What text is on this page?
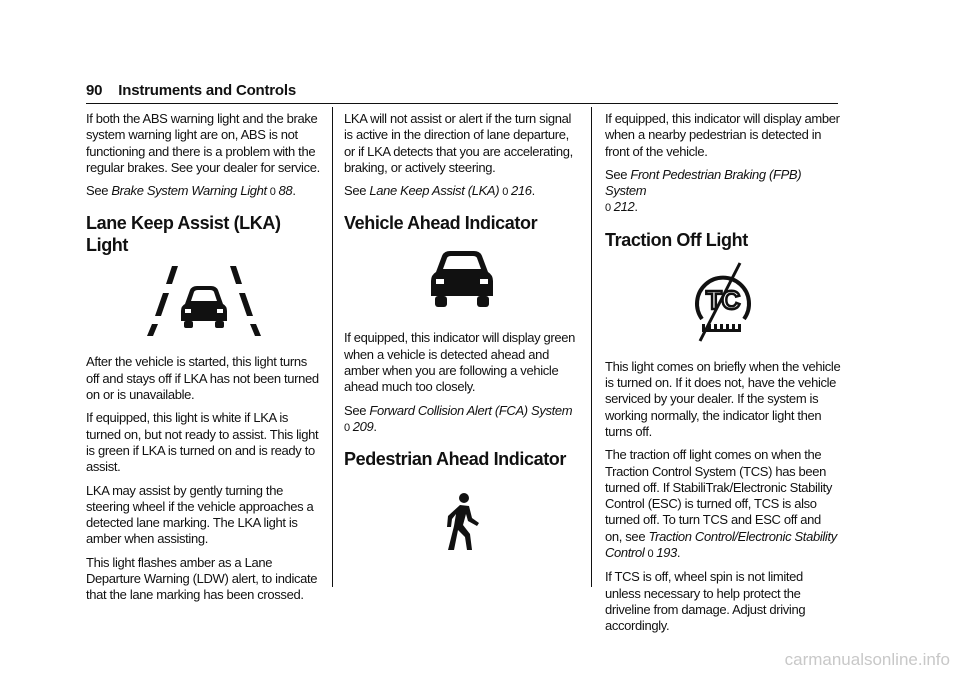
90 Instruments and Controls

If both the ABS warning light and the brake system warning light are on, ABS is not functioning and there is a problem with the regular brakes. See your dealer for service.

See Brake System Warning Light 0 88.

Lane Keep Assist (LKA) Light

After the vehicle is started, this light turns off and stays off if LKA has not been turned on or is unavailable.

If equipped, this light is white if LKA is turned on, but not ready to assist. This light is green if LKA is turned on and is ready to assist.

LKA may assist by gently turning the steering wheel if the vehicle approaches a detected lane marking. The LKA light is amber when assisting.

This light flashes amber as a Lane Departure Warning (LDW) alert, to indicate that the lane marking has been crossed.

LKA will not assist or alert if the turn signal is active in the direction of lane departure, or if LKA detects that you are accelerating, braking, or actively steering.

See Lane Keep Assist (LKA) 0 216.

Vehicle Ahead Indicator

If equipped, this indicator will display green when a vehicle is detected ahead and amber when you are following a vehicle ahead much too closely.

See Forward Collision Alert (FCA) System
0 209.

Pedestrian Ahead Indicator

If equipped, this indicator will display amber when a nearby pedestrian is detected in front of the vehicle.

See Front Pedestrian Braking (FPB) System
0 212.

Traction Off Light
TC

This light comes on briefly when the vehicle is turned on. If it does not, have the vehicle serviced by your dealer. If the system is working normally, the indicator light then turns off.

The traction off light comes on when the Traction Control System (TCS) has been turned off. If StabiliTrak/Electronic Stability Control (ESC) is turned off, TCS is also turned off. To turn TCS and ESC off and on, see Traction Control/Electronic Stability Control 0 193.

If TCS is off, wheel spin is not limited unless necessary to help protect the driveline from damage. Adjust driving accordingly.

carmanualsonline.info
